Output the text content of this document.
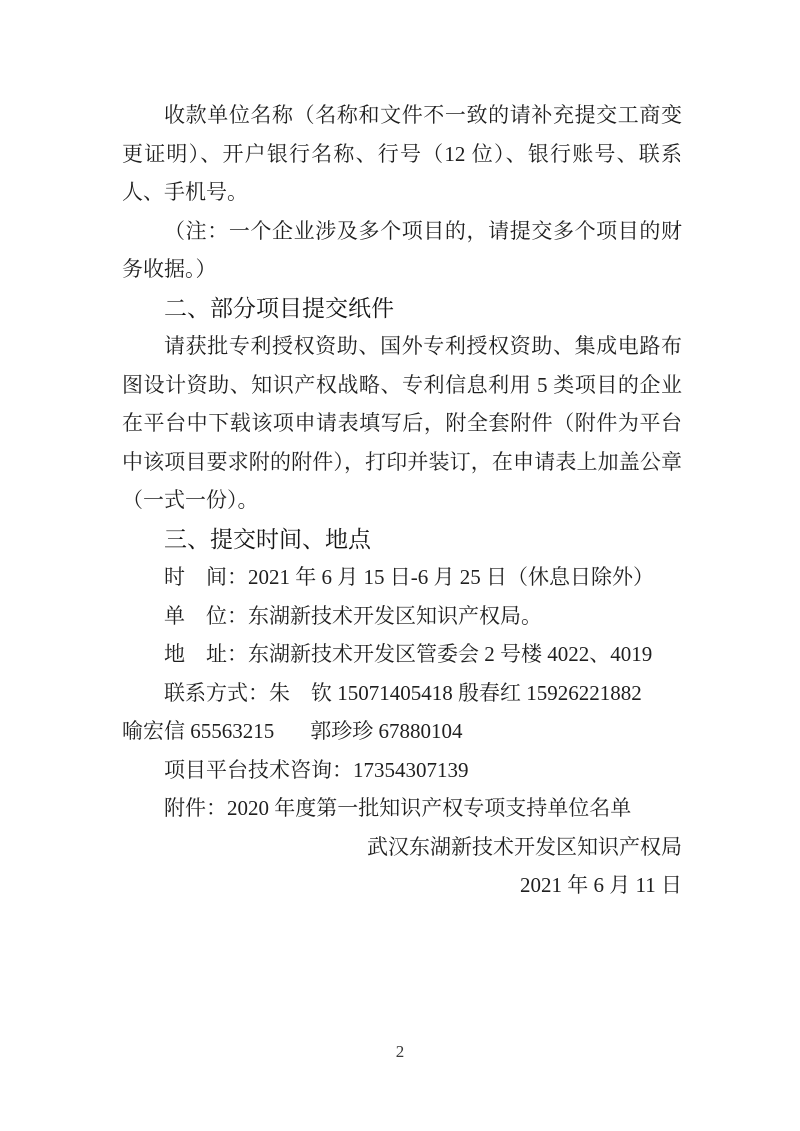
收款单位名称（名称和文件不一致的请补充提交工商变更证明）、开户银行名称、行号（12 位）、银行账号、联系人、手机号。

（注：一个企业涉及多个项目的，请提交多个项目的财务收据。）

二、部分项目提交纸件

请获批专利授权资助、国外专利授权资助、集成电路布图设计资助、知识产权战略、专利信息利用 5 类项目的企业在平台中下载该项申请表填写后，附全套附件（附件为平台中该项目要求附的附件），打印并装订，在申请表上加盖公章（一式一份）。

三、提交时间、地点

时　间：2021 年 6 月 15 日-6 月 25 日（休息日除外）

单　位：东湖新技术开发区知识产权局。

地　址：东湖新技术开发区管委会 2 号楼 4022、4019

联系方式：朱　钦 15071405418 殷春红 15926221882

喻宏信 65563215 郭珍珍 67880104

项目平台技术咨询：17354307139

附件：2020 年度第一批知识产权专项支持单位名单

武汉东湖新技术开发区知识产权局

2021 年 6 月 11 日

2
